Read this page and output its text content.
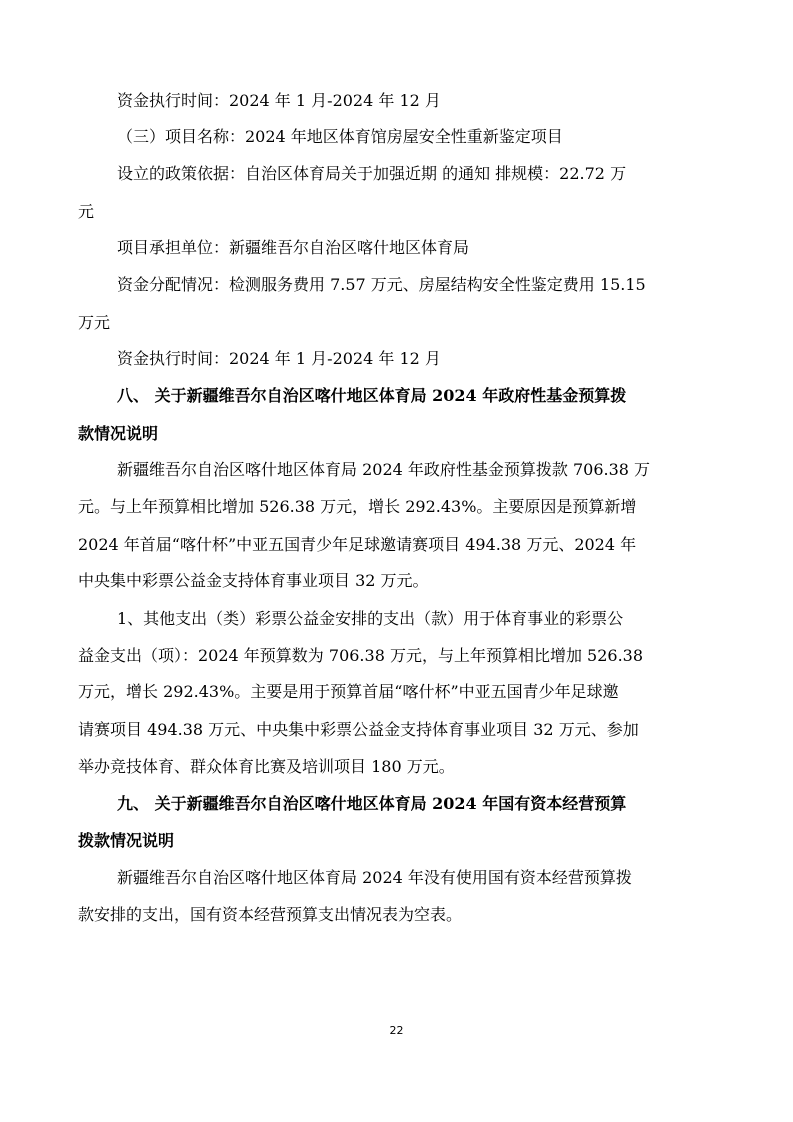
资金执行时间：2024 年 1 月-2024 年 12 月
（三）项目名称：2024 年地区体育馆房屋安全性重新鉴定项目
设立的政策依据：自治区体育局关于加强近期 的通知 排规模：22.72 万
元
项目承担单位：新疆维吾尔自治区喀什地区体育局
资金分配情况：检测服务费用 7.57 万元、房屋结构安全性鉴定费用 15.15
万元
资金执行时间：2024 年 1 月-2024 年 12 月
八、 关于新疆维吾尔自治区喀什地区体育局 2024 年政府性基金预算拨
款情况说明
新疆维吾尔自治区喀什地区体育局 2024 年政府性基金预算拨款 706.38 万
元。与上年预算相比增加 526.38 万元，增长 292.43%。主要原因是预算新增
2024 年首届“喀什杯”中亚五国青少年足球邀请赛项目 494.38 万元、2024 年
中央集中彩票公益金支持体育事业项目 32 万元。
1、其他支出（类）彩票公益金安排的支出（款）用于体育事业的彩票公
益金支出（项）：2024 年预算数为 706.38 万元，与上年预算相比增加 526.38
万元，增长 292.43%。主要是用于预算首届“喀什杯”中亚五国青少年足球邀
请赛项目 494.38 万元、中央集中彩票公益金支持体育事业项目 32 万元、参加
举办竞技体育、群众体育比赛及培训项目 180 万元。
九、 关于新疆维吾尔自治区喀什地区体育局 2024 年国有资本经营预算
拨款情况说明
新疆维吾尔自治区喀什地区体育局 2024 年没有使用国有资本经营预算拨
款安排的支出，国有资本经营预算支出情况表为空表。
22
